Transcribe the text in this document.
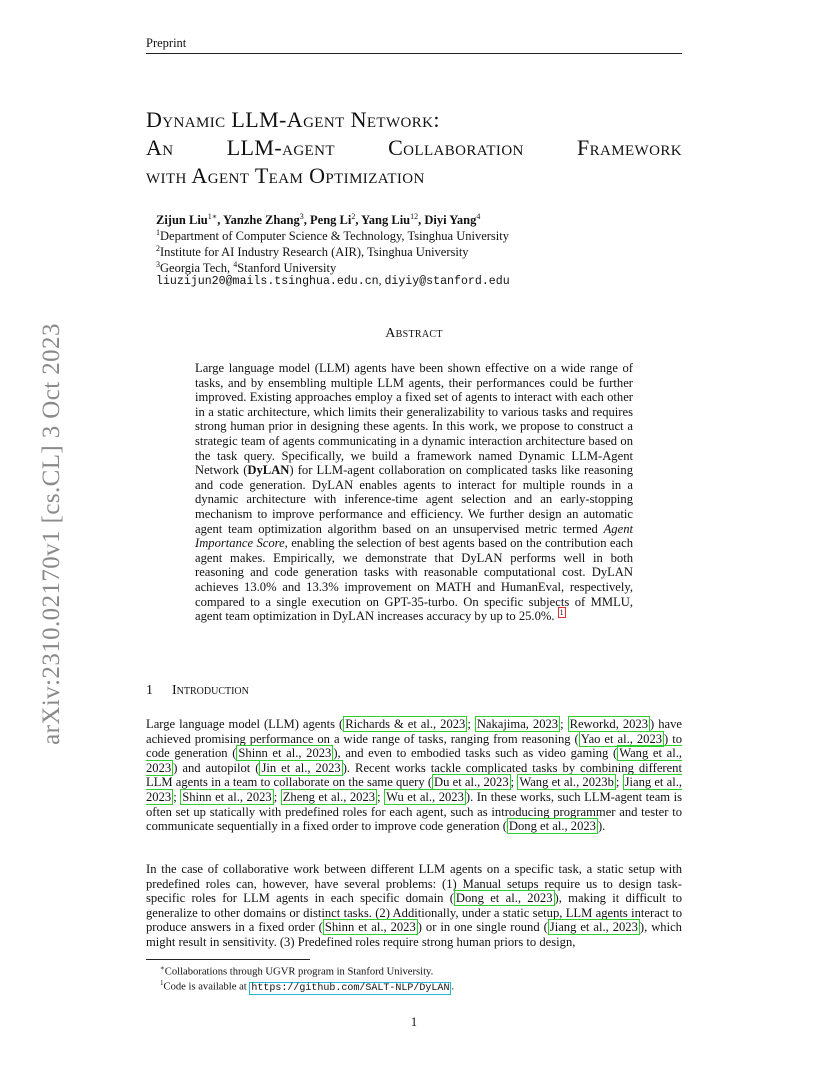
Preprint
arXiv:2310.02170v1 [cs.CL] 3 Oct 2023
Dynamic LLM-Agent Network:
An LLM-agent Collaboration Framework
with Agent Team Optimization
Zijun Liu$^{1∗}$, Yanzhe Zhang$^3$, Peng Li$^2$, Yang Liu$^{12}$, Diyi Yang$^4$
$^1$Department of Computer Science & Technology, Tsinghua University
$^2$Institute for AI Industry Research (AIR), Tsinghua University
$^3$Georgia Tech, $^4$Stanford University
liuzijun20@mails.tsinghua.edu.cn, diyiy@stanford.edu
Abstract
Large language model (LLM) agents have been shown effective on a wide range of tasks, and by ensembling multiple LLM agents, their performances could be further improved. Existing approaches employ a fixed set of agents to interact with each other in a static architecture, which limits their generalizability to various tasks and requires strong human prior in designing these agents. In this work, we propose to construct a strategic team of agents communicating in a dynamic interaction architecture based on the task query. Specifically, we build a framework named Dynamic LLM-Agent Network (DyLAN) for LLM-agent collaboration on complicated tasks like reasoning and code generation. DyLAN enables agents to interact for multiple rounds in a dynamic architecture with inference-time agent selection and an early-stopping mechanism to improve performance and efficiency. We further design an automatic agent team optimization algorithm based on an unsupervised metric termed Agent Importance Score, enabling the selection of best agents based on the contribution each agent makes. Empirically, we demonstrate that DyLAN performs well in both reasoning and code generation tasks with reasonable computational cost. DyLAN achieves 13.0% and 13.3% improvement on MATH and HumanEval, respectively, compared to a single execution on GPT-35-turbo. On specific subjects of MMLU, agent team optimization in DyLAN increases accuracy by up to 25.0%. $^1$
1 Introduction
Large language model (LLM) agents ( Richards & et al., 2023 ; Nakajima, 2023 ; Reworkd, 2023 ) have achieved promising performance on a wide range of tasks, ranging from reasoning ( Yao et al., 2023 ) to code generation ( Shinn et al., 2023 ), and even to embodied tasks such as video gaming ( Wang et al., 2023 ) and autopilot ( Jin et al., 2023 ). Recent works tackle complicated tasks by combining different LLM agents in a team to collaborate on the same query ( Du et al., 2023 ; Wang et al., 2023b ; Jiang et al., 2023 ; Shinn et al., 2023 ; Zheng et al., 2023 ; Wu et al., 2023 ). In these works, such LLM-agent team is often set up statically with predefined roles for each agent, such as introducing programmer and tester to communicate sequentially in a fixed order to improve code generation ( Dong et al., 2023 ).
In the case of collaborative work between different LLM agents on a specific task, a static setup with predefined roles can, however, have several problems: (1) Manual setups require us to design task-specific roles for LLM agents in each specific domain ( Dong et al., 2023 ), making it difficult to generalize to other domains or distinct tasks. (2) Additionally, under a static setup, LLM agents interact to produce answers in a fixed order ( Shinn et al., 2023 ) or in one single round ( Jiang et al., 2023 ), which might result in sensitivity. (3) Predefined roles require strong human priors to design,
∗Collaborations through UGVR program in Stanford University.
$^1$Code is available at https://github.com/SALT-NLP/DyLAN .
1
